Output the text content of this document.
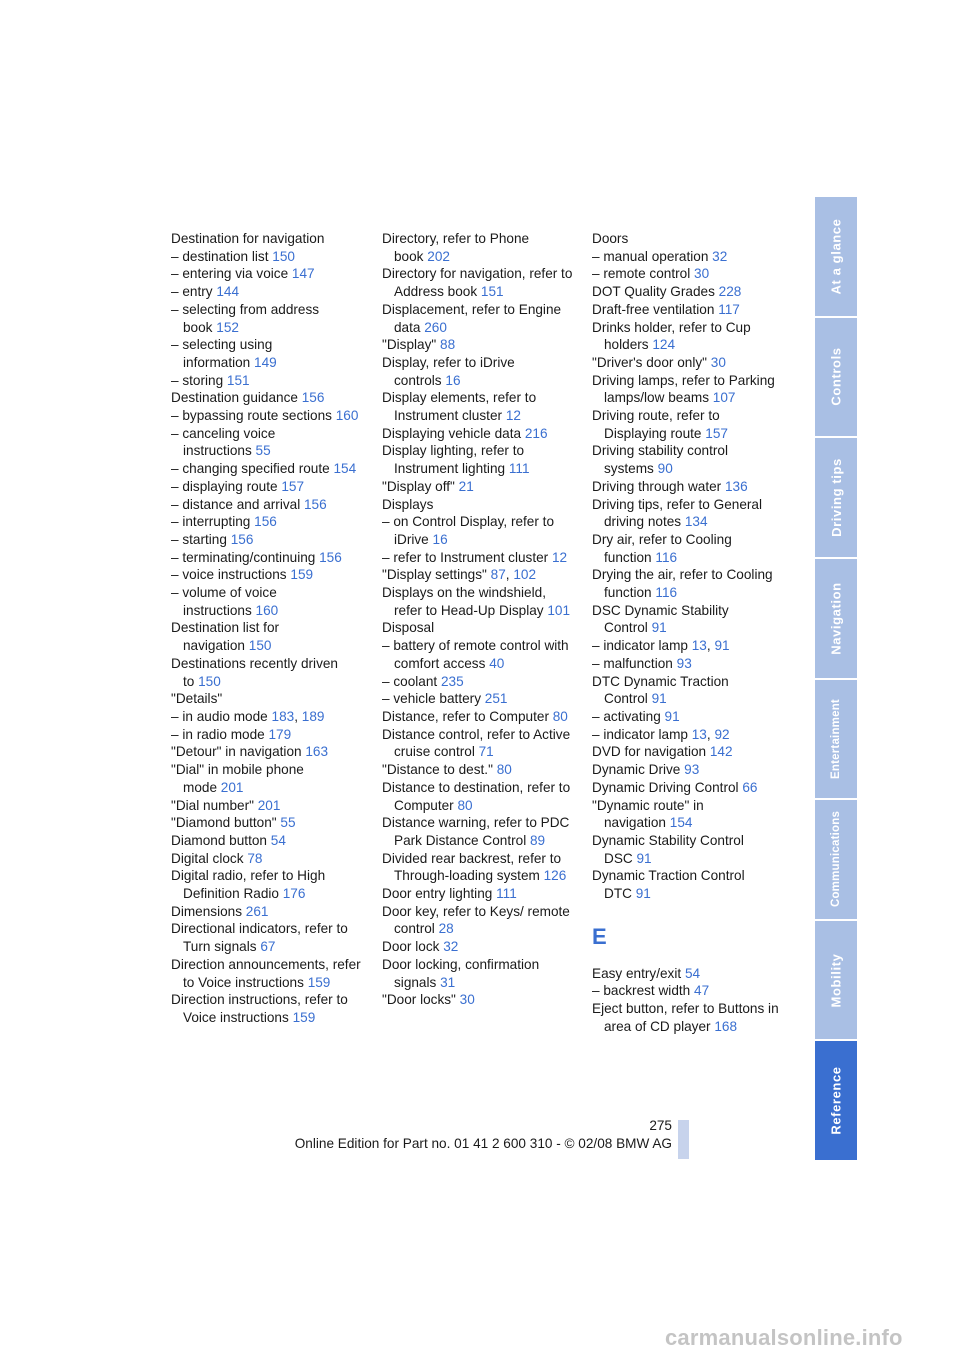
Destination for navigation
– destination list 150
– entering via voice 147
– entry 144
– selecting from address book 152
– selecting using information 149
– storing 151
Destination guidance 156
– bypassing route sections 160
– canceling voice instructions 55
– changing specified route 154
– displaying route 157
– distance and arrival 156
– interrupting 156
– starting 156
– terminating/continuing 156
– voice instructions 159
– volume of voice instructions 160
Destination list for navigation 150
Destinations recently driven to 150
"Details"
– in audio mode 183, 189
– in radio mode 179
"Detour" in navigation 163
"Dial" in mobile phone mode 201
"Dial number" 201
"Diamond button" 55
Diamond button 54
Digital clock 78
Digital radio, refer to High Definition Radio 176
Dimensions 261
Directional indicators, refer to Turn signals 67
Direction announcements, refer to Voice instructions 159
Direction instructions, refer to Voice instructions 159
Directory, refer to Phone book 202
Directory for navigation, refer to Address book 151
Displacement, refer to Engine data 260
"Display" 88
Display, refer to iDrive controls 16
Display elements, refer to Instrument cluster 12
Displaying vehicle data 216
Display lighting, refer to Instrument lighting 111
"Display off" 21
Displays
– on Control Display, refer to iDrive 16
– refer to Instrument cluster 12
"Display settings" 87, 102
Displays on the windshield, refer to Head-Up Display 101
Disposal
– battery of remote control with comfort access 40
– coolant 235
– vehicle battery 251
Distance, refer to Computer 80
Distance control, refer to Active cruise control 71
"Distance to dest." 80
Distance to destination, refer to Computer 80
Distance warning, refer to PDC Park Distance Control 89
Divided rear backrest, refer to Through-loading system 126
Door entry lighting 111
Door key, refer to Keys/ remote control 28
Door lock 32
Door locking, confirmation signals 31
"Door locks" 30
Doors
– manual operation 32
– remote control 30
DOT Quality Grades 228
Draft-free ventilation 117
Drinks holder, refer to Cup holders 124
"Driver's door only" 30
Driving lamps, refer to Parking lamps/low beams 107
Driving route, refer to Displaying route 157
Driving stability control systems 90
Driving through water 136
Driving tips, refer to General driving notes 134
Dry air, refer to Cooling function 116
Drying the air, refer to Cooling function 116
DSC Dynamic Stability Control 91
– indicator lamp 13, 91
– malfunction 93
DTC Dynamic Traction Control 91
– activating 91
– indicator lamp 13, 92
DVD for navigation 142
Dynamic Drive 93
Dynamic Driving Control 66
"Dynamic route" in navigation 154
Dynamic Stability Control DSC 91
Dynamic Traction Control DTC 91
E
Easy entry/exit 54
– backrest width 47
Eject button, refer to Buttons in area of CD player 168
At a glance
Controls
Driving tips
Navigation
Entertainment
Communications
Mobility
Reference
275
Online Edition for Part no. 01 41 2 600 310 - © 02/08 BMW AG
carmanualsonline.info
